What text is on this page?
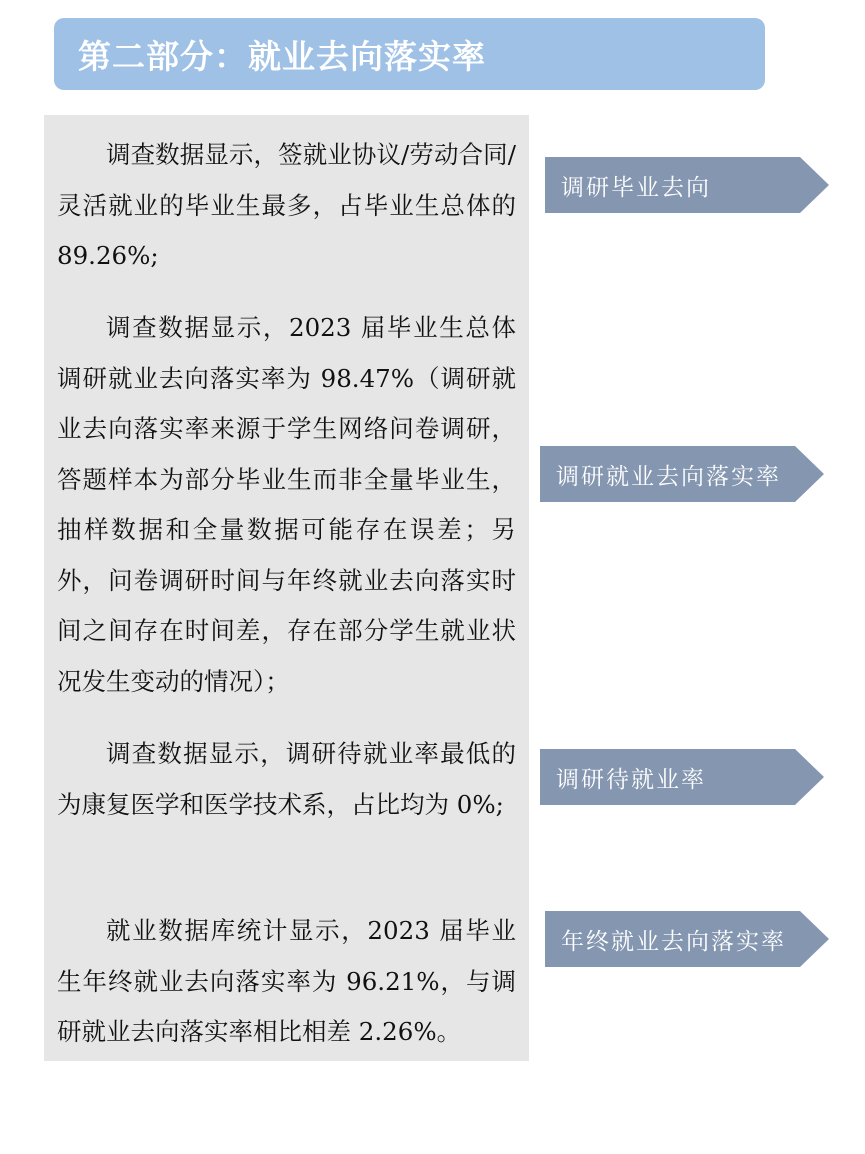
第二部分：就业去向落实率

调查数据显示，签就业协议/劳动合同/灵活就业的毕业生最多，占毕业生总体的 89.26%;

调查数据显示，2023 届毕业生总体调研就业去向落实率为 98.47%（调研就业去向落实率来源于学生网络问卷调研，答题样本为部分毕业生而非全量毕业生，抽样数据和全量数据可能存在误差；另外，问卷调研时间与年终就业去向落实时间之间存在时间差，存在部分学生就业状况发生变动的情况）；

调查数据显示，调研待就业率最低的为康复医学和医学技术系，占比均为 0%;

就业数据库统计显示，2023 届毕业生年终就业去向落实率为 96.21%，与调研就业去向落实率相比相差 2.26%。

调研毕业去向
调研就业去向落实率
调研待就业率
年终就业去向落实率
